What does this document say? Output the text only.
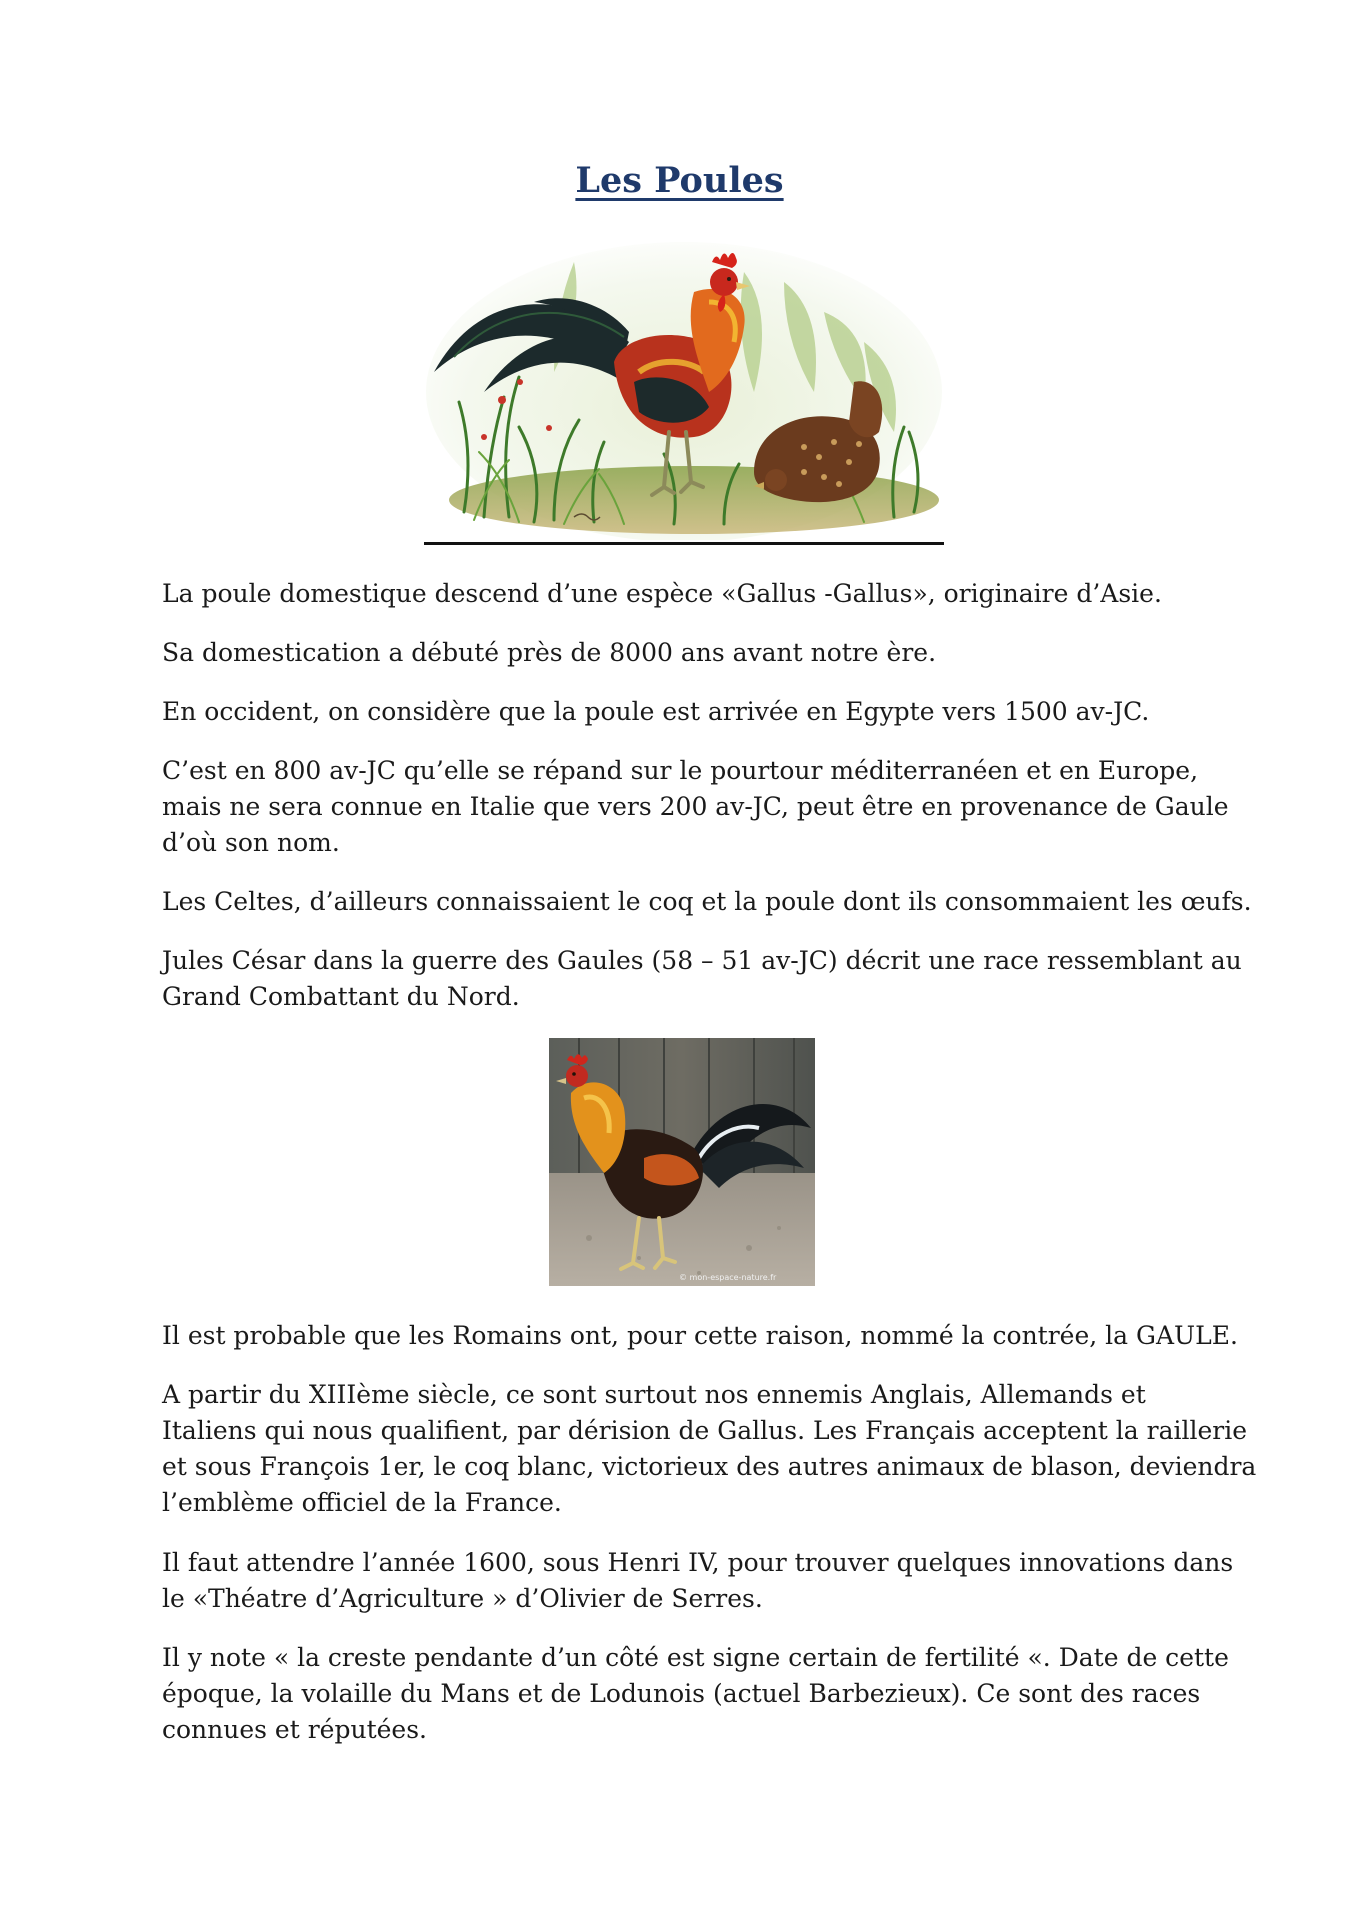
Les Poules

La poule domestique descend d’une espèce «Gallus -Gallus», originaire d’Asie.

Sa domestication a débuté près de 8000 ans avant notre ère.

En occident, on considère que la poule est arrivée en Egypte vers 1500 av-JC.

C’est en 800 av-JC qu’elle se répand sur le pourtour méditerranéen et en Europe,
mais ne sera connue en Italie que vers 200 av-JC, peut être en provenance de Gaule
d’où son nom.

Les Celtes, d’ailleurs connaissaient le coq et la poule dont ils consommaient les œufs.

Jules César dans la guerre des Gaules (58 – 51 av-JC) décrit une race ressemblant au
Grand Combattant du Nord.

© mon-espace-nature.fr

Il est probable que les Romains ont, pour cette raison, nommé la contrée, la GAULE.

A partir du XIIIème siècle, ce sont surtout nos ennemis Anglais, Allemands et
Italiens qui nous qualifient, par dérision de Gallus. Les Français acceptent la raillerie
et sous François 1er, le coq blanc, victorieux des autres animaux de blason, deviendra
l’emblème officiel de la France.

Il faut attendre l’année 1600, sous Henri IV, pour trouver quelques innovations dans
le «Théatre d’Agriculture » d’Olivier de Serres.

Il y note « la creste pendante d’un côté est signe certain de fertilité «. Date de cette
époque, la volaille du Mans et de Lodunois (actuel Barbezieux). Ce sont des races
connues et réputées.
